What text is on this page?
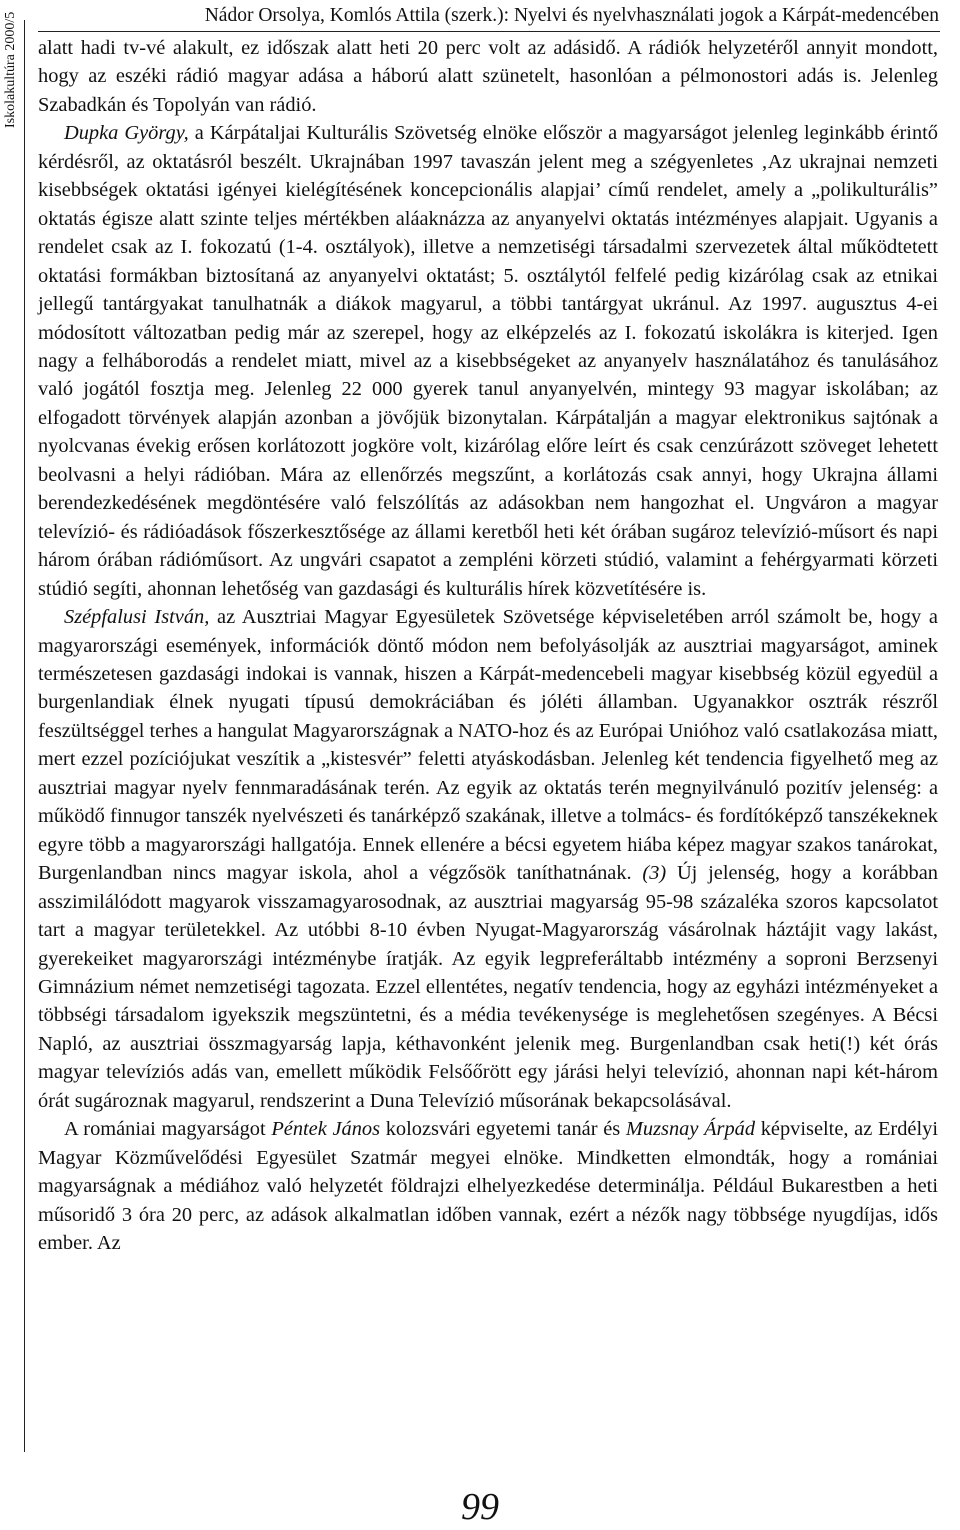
Nádor Orsolya, Komlós Attila (szerk.): Nyelvi és nyelvhasználati jogok a Kárpát-medencében
Iskolakultúra 2000/5 alatt hadi tv-vé alakult, ez időszak alatt heti 20 perc volt az adásidő. A rádiók helyzetéről annyit mondott, hogy az eszéki rádió magyar adása a háború alatt szünetelt, hasonlóan a pélmonostori adás is. Jelenleg Szabadkán és Topolyán van rádió.

Dupka György, a Kárpátaljai Kulturális Szövetség elnöke először a magyarságot jelenleg leginkább érintő kérdésről, az oktatásról beszélt. Ukrajnában 1997 tavaszán jelent meg a szégyenletes ‚Az ukrajnai nemzeti kisebbségek oktatási igényei kielégítésének koncepcionális alapjai’ című rendelet, amely a „polikulturális” oktatás égisze alatt szinte teljes mértékben aláaknázza az anyanyelvi oktatás intézményes alapjait. Ugyanis a rendelet csak az I. fokozatú (1-4. osztályok), illetve a nemzetiségi társadalmi szervezetek által működtetett oktatási formákban biztosítaná az anyanyelvi oktatást; 5. osztálytól felfelé pedig kizárólag csak az etnikai jellegű tantárgyakat tanulhatnák a diákok magyarul, a többi tantárgyat ukránul. Az 1997. augusztus 4-ei módosított változatban pedig már az szerepel, hogy az elképzelés az I. fokozatú iskolákra is kiterjed. Igen nagy a felháborodás a rendelet miatt, mivel az a kisebbségeket az anyanyelv használatához és tanulásához való jogától fosztja meg. Jelenleg 22 000 gyerek tanul anyanyelvén, mintegy 93 magyar iskolában; az elfogadott törvények alapján azonban a jövőjük bizonytalan. Kárpátalján a magyar elektronikus sajtónak a nyolcvanas évekig erősen korlátozott jogköre volt, kizárólag előre leírt és csak cenzúrázott szöveget lehetett beolvasni a helyi rádióban. Mára az ellenőrzés megszűnt, a korlátozás csak annyi, hogy Ukrajna állami berendezkedésének megdöntésére való felszólítás az adásokban nem hangozhat el. Ungváron a magyar televízió- és rádióadások főszerkesztősége az állami keretből heti két órában sugároz televízió-műsort és napi három órában rádióműsort. Az ungvári csapatot a zempléni körzeti stúdió, valamint a fehérgyarmati körzeti stúdió segíti, ahonnan lehetőség van gazdasági és kulturális hírek közvetítésére is.

Szépfalusi István, az Ausztriai Magyar Egyesületek Szövetsége képviseletében arról számolt be, hogy a magyarországi események, információk döntő módon nem befolyásolják az ausztriai magyarságot, aminek természetesen gazdasági indokai is vannak, hiszen a Kárpát-medencebeli magyar kisebbség közül egyedül a burgenlandiak élnek nyugati típusú demokráciában és jóléti államban. Ugyanakkor osztrák részről feszültséggel terhes a hangulat Magyarországnak a NATO-hoz és az Európai Unióhoz való csatlakozása miatt, mert ezzel pozíciójukat veszítik a „kistesvér” feletti atyáskodásban. Jelenleg két tendencia figyelhető meg az ausztriai magyar nyelv fennmaradásának terén. Az egyik az oktatás terén megnyilvánuló pozitív jelenség: a működő finnugor tanszék nyelvészeti és tanárképző szakának, illetve a tolmács- és fordítóképző tanszékeknek egyre több a magyarországi hallgatója. Ennek ellenére a bécsi egyetem hiába képez magyar szakos tanárokat, Burgenlandban nincs magyar iskola, ahol a végzősök taníthatnának. (3) Új jelenség, hogy a korábban asszimilálódott magyarok visszamagyarosodnak, az ausztriai magyarság 95-98 százaléka szoros kapcsolatot tart a magyar területekkel. Az utóbbi 8-10 évben Nyugat-Magyarország vásárolnak háztájit vagy lakást, gyerekeiket magyarországi intézménybe íratják. Az egyik legpreferáltabb intézmény a soproni Berzsenyi Gimnázium német nemzetiségi tagozata. Ezzel ellentétes, negatív tendencia, hogy az egyházi intézményeket a többségi társadalom igyekszik megszüntetni, és a média tevékenysége is meglehetősen szegényes. A Bécsi Napló, az ausztriai összmagyarság lapja, kéthavonként jelenik meg. Burgenlandban csak heti(!) két órás magyar televíziós adás van, emellett működik Felsőőrött egy járási helyi televízió, ahonnan napi két-három órát sugároznak magyarul, rendszerint a Duna Televízió műsorának bekapcsolásával.

A romániai magyarságot Péntek János kolozsvári egyetemi tanár és Muzsnay Árpád képviselte, az Erdélyi Magyar Közművelődési Egyesület Szatmár megyei elnöke. Mindketten elmondták, hogy a romániai magyarságnak a médiához való helyzetét földrajzi elhelyezkedése determinálja. Például Bukarestben a heti műsoridő 3 óra 20 perc, az adások alkalmatlan időben vannak, ezért a nézők nagy többsége nyugdíjas, idős ember. Az

99
